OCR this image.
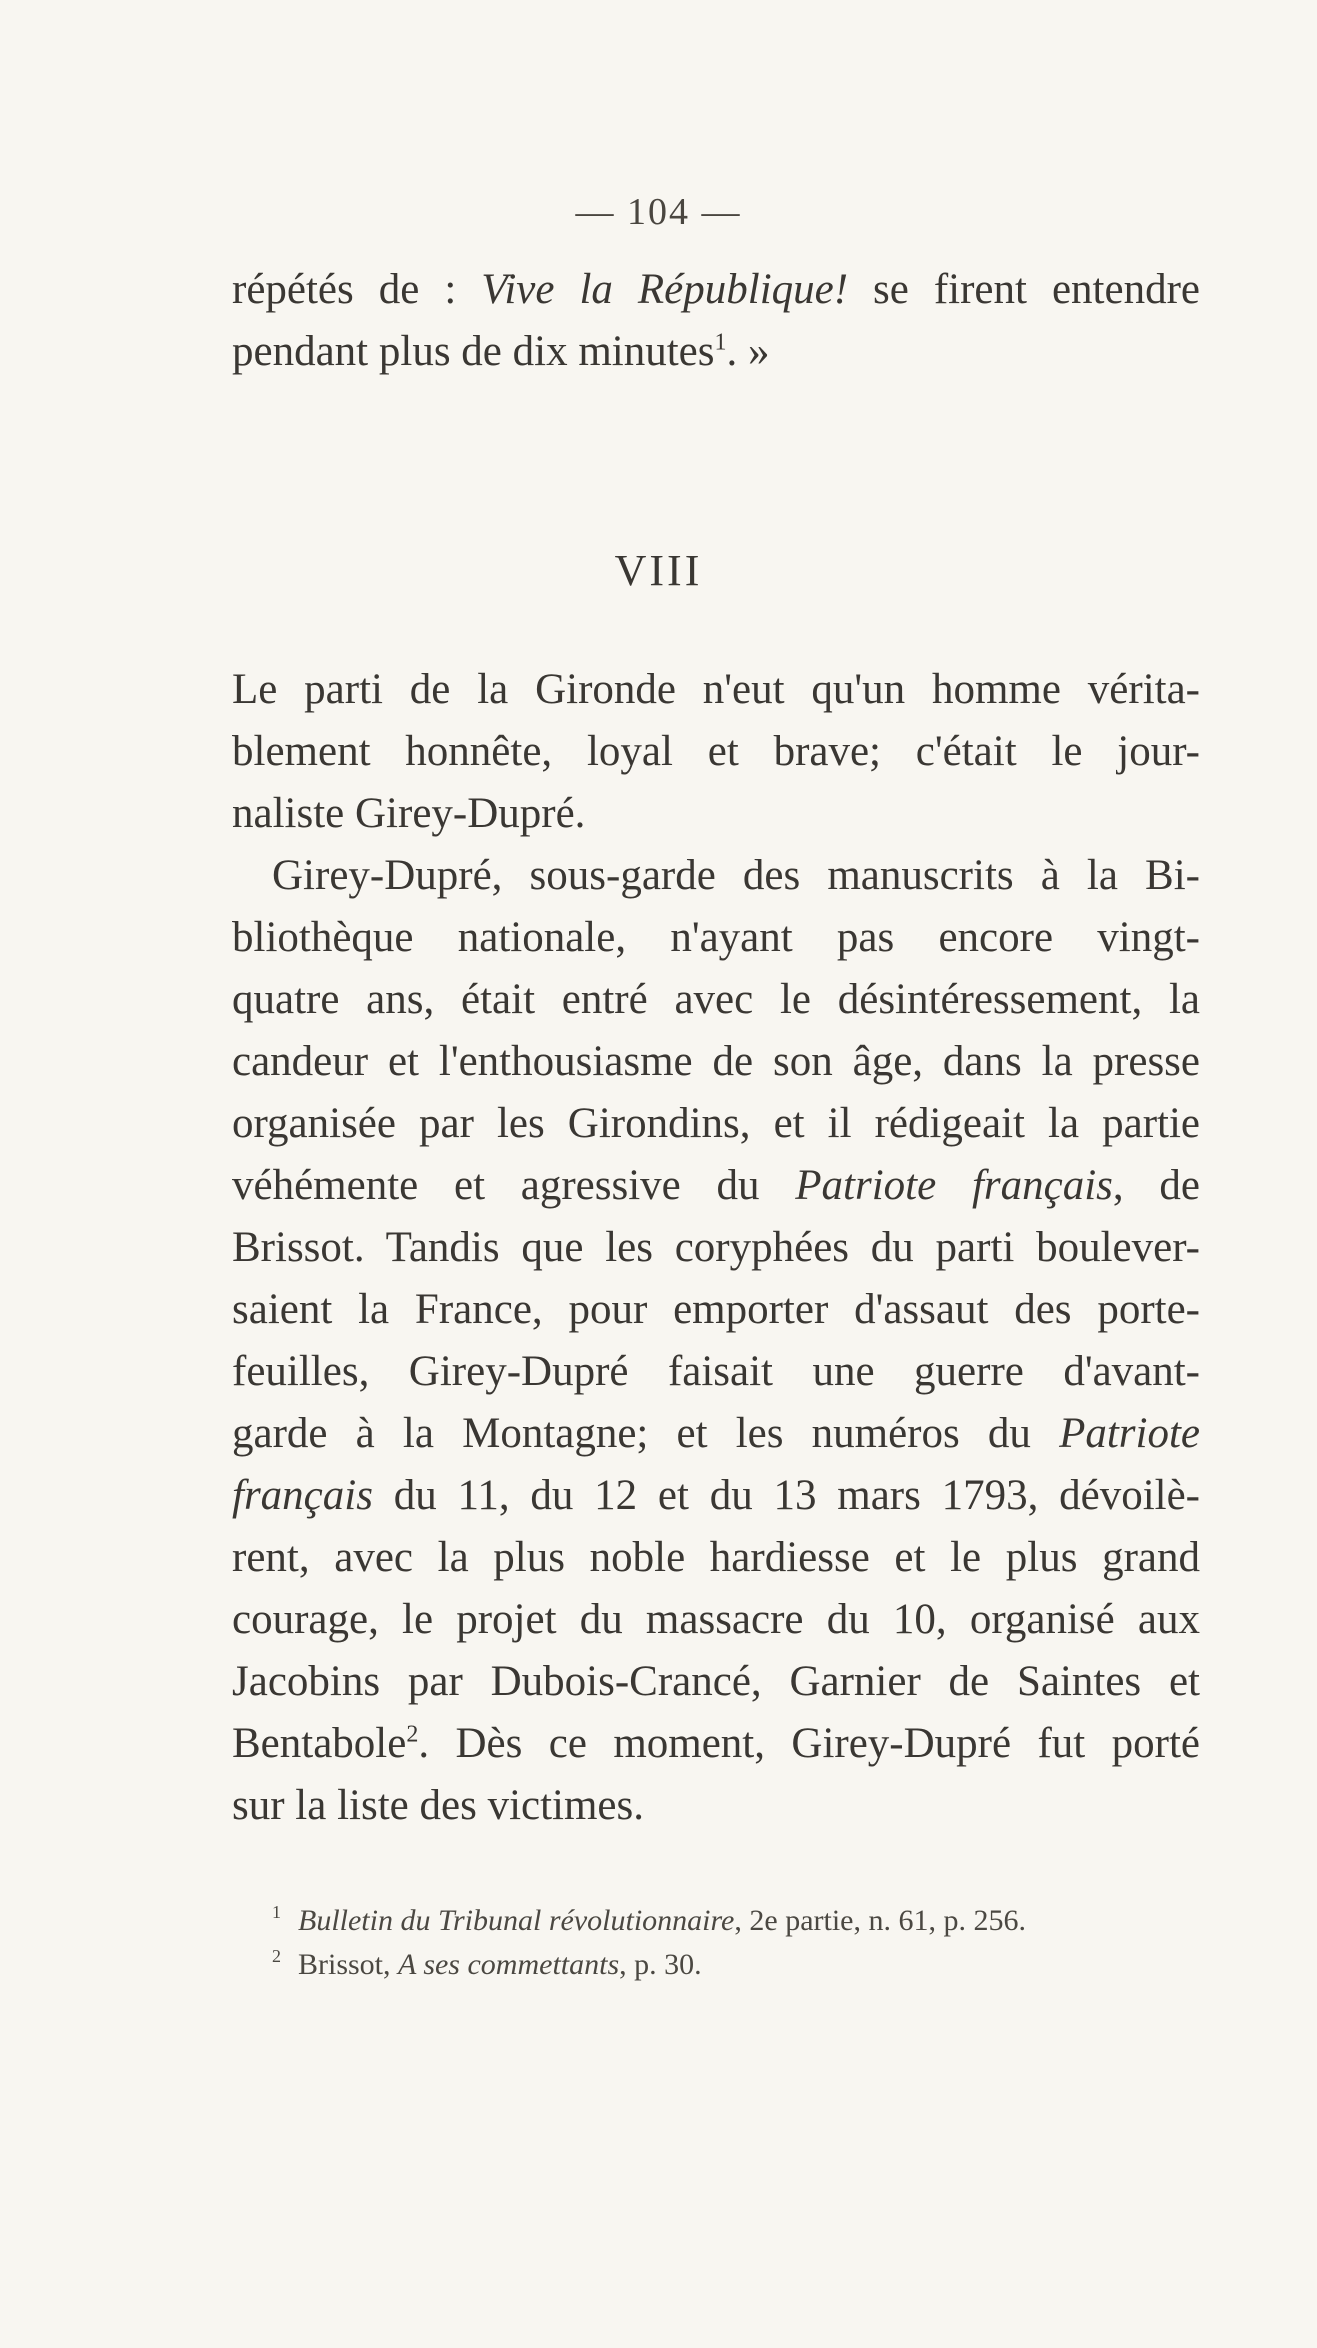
— 104 —
répétés de : Vive la République! se firent entendre
pendant plus de dix minutes$^1$. »
VIII
Le parti de la Gironde n'eut qu'un homme vérita-
blement honnête, loyal et brave; c'était le jour-
naliste Girey-Dupré.
Girey-Dupré, sous-garde des manuscrits à la Bi-
bliothèque nationale, n'ayant pas encore vingt-
quatre ans, était entré avec le désintéressement, la
candeur et l'enthousiasme de son âge, dans la presse
organisée par les Girondins, et il rédigeait la partie
véhémente et agressive du Patriote français, de
Brissot. Tandis que les coryphées du parti boulever-
saient la France, pour emporter d'assaut des porte-
feuilles, Girey-Dupré faisait une guerre d'avant-
garde à la Montagne; et les numéros du Patriote
français du 11, du 12 et du 13 mars 1793, dévoilè-
rent, avec la plus noble hardiesse et le plus grand
courage, le projet du massacre du 10, organisé aux
Jacobins par Dubois-Crancé, Garnier de Saintes et
Bentabole$^2$. Dès ce moment, Girey-Dupré fut porté
sur la liste des victimes.
1 Bulletin du Tribunal révolutionnaire, 2e partie, n. 61, p. 256.
2 Brissot, A ses commettants, p. 30.
